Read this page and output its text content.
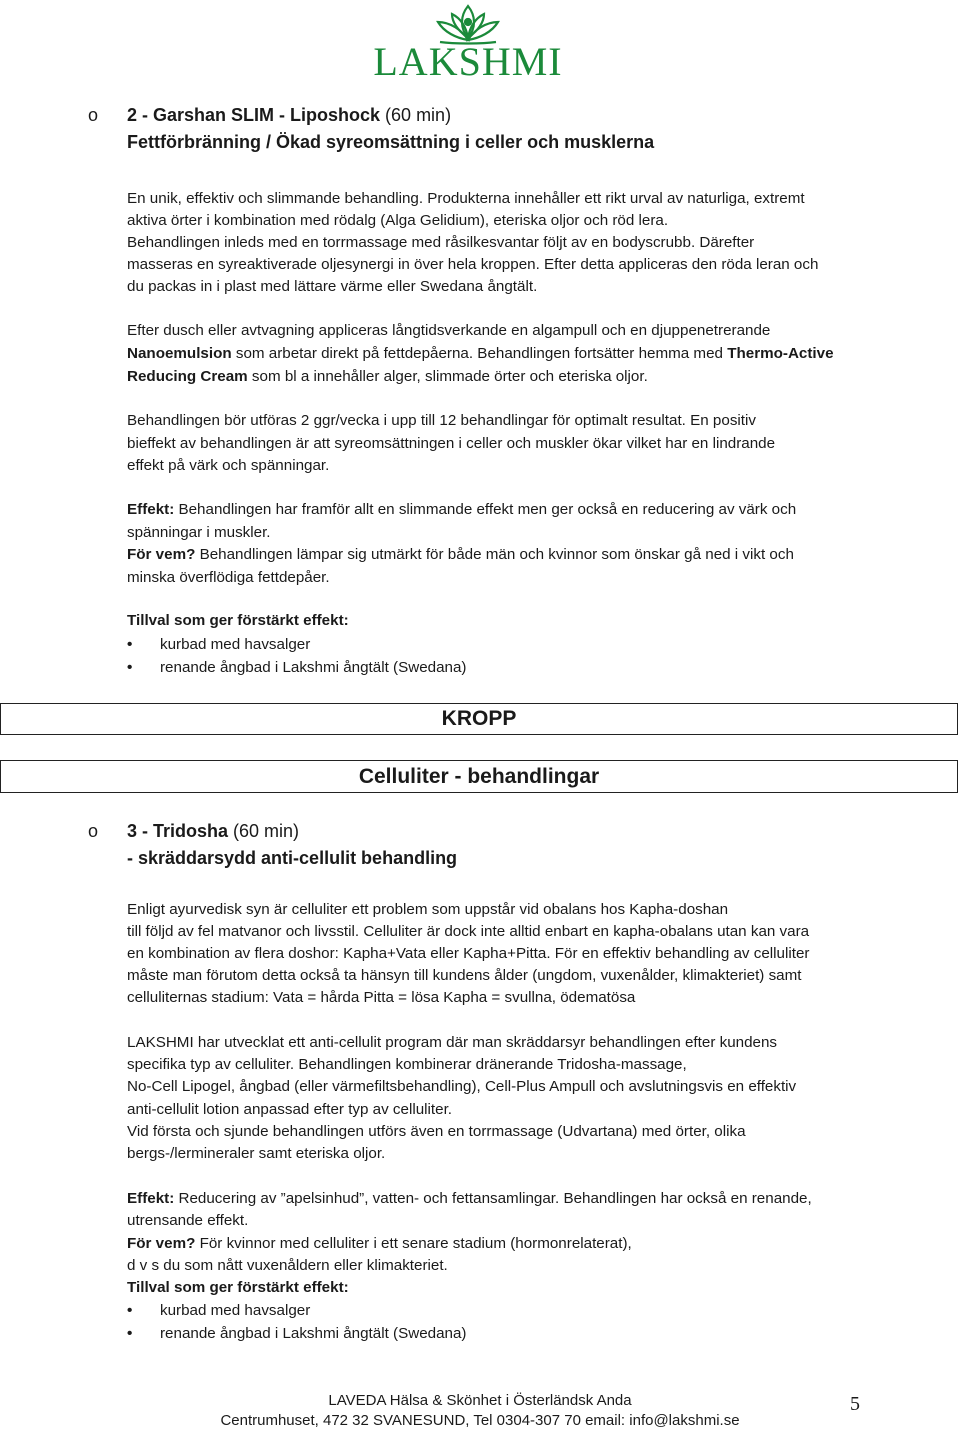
LAKSHMI
o 2 - Garshan SLIM - Liposhock (60 min)
Fettförbränning / Ökad syreomsättning i celler och musklerna
En unik, effektiv och slimmande behandling. Produkterna innehåller ett rikt urval av naturliga, extremt
aktiva örter i kombination med rödalg (Alga Gelidium), eteriska oljor och röd lera.
Behandlingen inleds med en torrmassage med råsilkesvantar följt av en bodyscrubb. Därefter
masseras en syreaktiverade oljesynergi in över hela kroppen. Efter detta appliceras den röda leran och
du packas in i plast med lättare värme eller Swedana ångtält.
Efter dusch eller avtvagning appliceras långtidsverkande en algampull och en djuppenetrerande
Nanoemulsion som arbetar direkt på fettdepåerna. Behandlingen fortsätter hemma med Thermo-Active
Reducing Cream som bl a innehåller alger, slimmade örter och eteriska oljor.
Behandlingen bör utföras 2 ggr/vecka i upp till 12 behandlingar för optimalt resultat. En positiv
bieffekt av behandlingen är att syreomsättningen i celler och muskler ökar vilket har en lindrande
effekt på värk och spänningar.
Effekt: Behandlingen har framför allt en slimmande effekt men ger också en reducering av värk och
spänningar i muskler.
För vem? Behandlingen lämpar sig utmärkt för både män och kvinnor som önskar gå ned i vikt och
minska överflödiga fettdepåer.
Tillval som ger förstärkt effekt:
• kurbad med havsalger
• renande ångbad i Lakshmi ångtält (Swedana)
KROPP
Celluliter - behandlingar
o 3 - Tridosha (60 min)
- skräddarsydd anti-cellulit behandling
Enligt ayurvedisk syn är celluliter ett problem som uppstår vid obalans hos Kapha-doshan
till följd av fel matvanor och livsstil. Celluliter är dock inte alltid enbart en kapha-obalans utan kan vara
en kombination av flera doshor: Kapha+Vata eller Kapha+Pitta. För en effektiv behandling av celluliter
måste man förutom detta också ta hänsyn till kundens ålder (ungdom, vuxenålder, klimakteriet) samt
celluliternas stadium: Vata = hårda Pitta = lösa Kapha = svullna, ödematösa
LAKSHMI har utvecklat ett anti-cellulit program där man skräddarsyr behandlingen efter kundens
specifika typ av celluliter. Behandlingen kombinerar dränerande Tridosha-massage,
No-Cell Lipogel, ångbad (eller värmefiltsbehandling), Cell-Plus Ampull och avslutningsvis en effektiv
anti-cellulit lotion anpassad efter typ av celluliter.
Vid första och sjunde behandlingen utförs även en torrmassage (Udvartana) med örter, olika
bergs-/lermineraler samt eteriska oljor.
Effekt: Reducering av ”apelsinhud”, vatten- och fettansamlingar. Behandlingen har också en renande,
utrensande effekt.
För vem? För kvinnor med celluliter i ett senare stadium (hormonrelaterat),
d v s du som nått vuxenåldern eller klimakteriet.
Tillval som ger förstärkt effekt:
• kurbad med havsalger
• renande ångbad i Lakshmi ångtält (Swedana)
LAVEDA Hälsa & Skönhet i Österländsk Anda
Centrumhuset, 472 32 SVANESUND, Tel 0304-307 70 email: info@lakshmi.se
5
